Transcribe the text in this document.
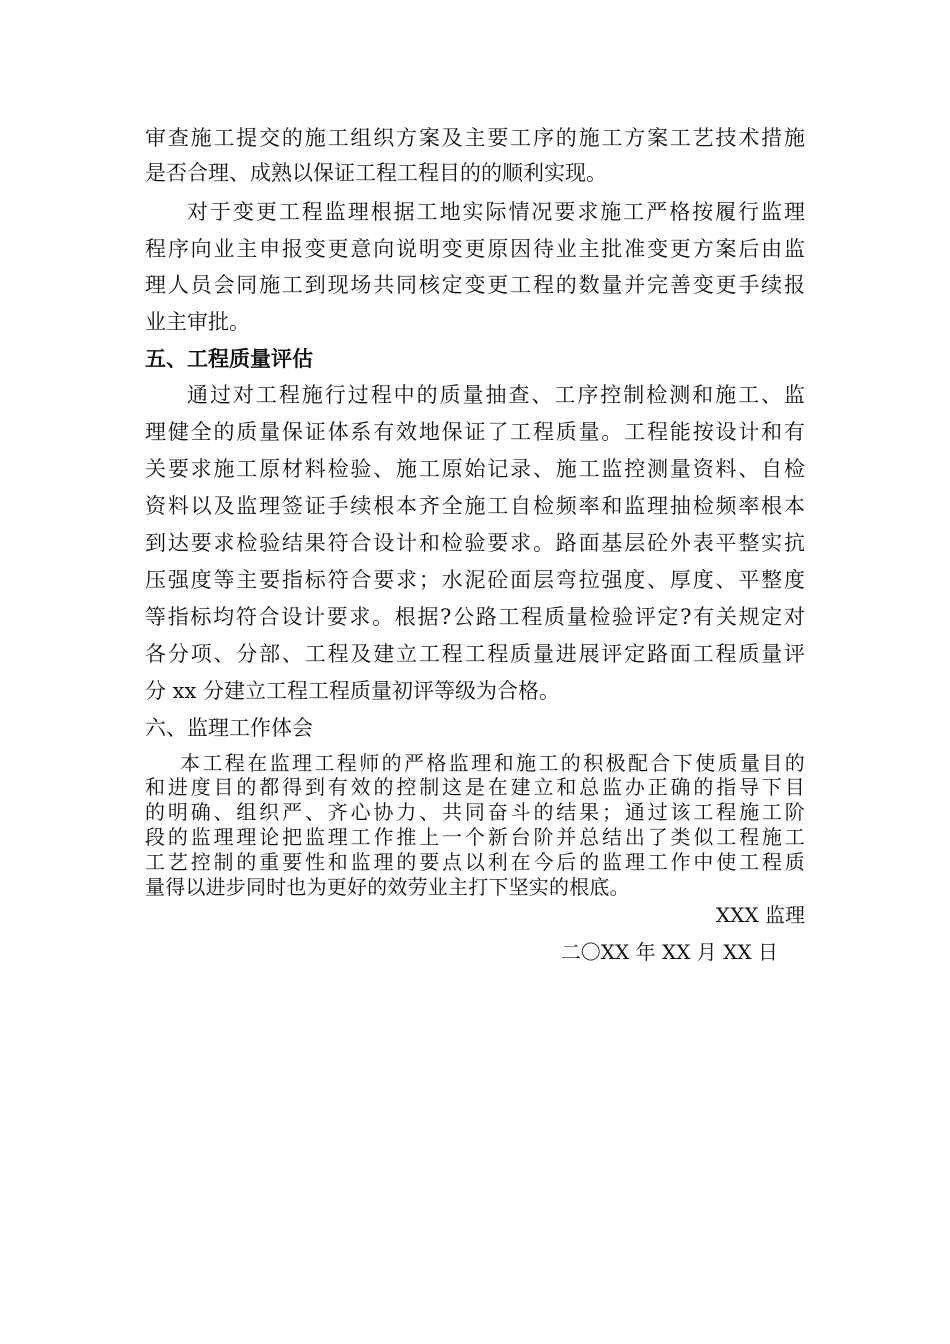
审查施工提交的施工组织方案及主要工序的施工方案工艺技术措施
是否合理、成熟以保证工程工程目的的顺利实现。
对于变更工程监理根据工地实际情况要求施工严格按履行监理
程序向业主申报变更意向说明变更原因待业主批准变更方案后由监
理人员会同施工到现场共同核定变更工程的数量并完善变更手续报
业主审批。
五、工程质量评估
通过对工程施行过程中的质量抽查、工序控制检测和施工、监
理健全的质量保证体系有效地保证了工程质量。工程能按设计和有
关要求施工原材料检验、施工原始记录、施工监控测量资料、自检
资料以及监理签证手续根本齐全施工自检频率和监理抽检频率根本
到达要求检验结果符合设计和检验要求。路面基层砼外表平整实抗
压强度等主要指标符合要求；水泥砼面层弯拉强度、厚度、平整度
等指标均符合设计要求。根据?公路工程质量检验评定?有关规定对
各分项、分部、工程及建立工程工程质量进展评定路面工程质量评
分 xx 分建立工程工程质量初评等级为合格。
六、监理工作体会
本工程在监理工程师的严格监理和施工的积极配合下使质量目的
和进度目的都得到有效的控制这是在建立和总监办正确的指导下目
的明确、组织严、齐心协力、共同奋斗的结果；通过该工程施工阶
段的监理理论把监理工作推上一个新台阶并总结出了类似工程施工
工艺控制的重要性和监理的要点以利在今后的监理工作中使工程质
量得以进步同时也为更好的效劳业主打下坚实的根底。
XXX 监理
二〇XX 年 XX 月 XX 日
